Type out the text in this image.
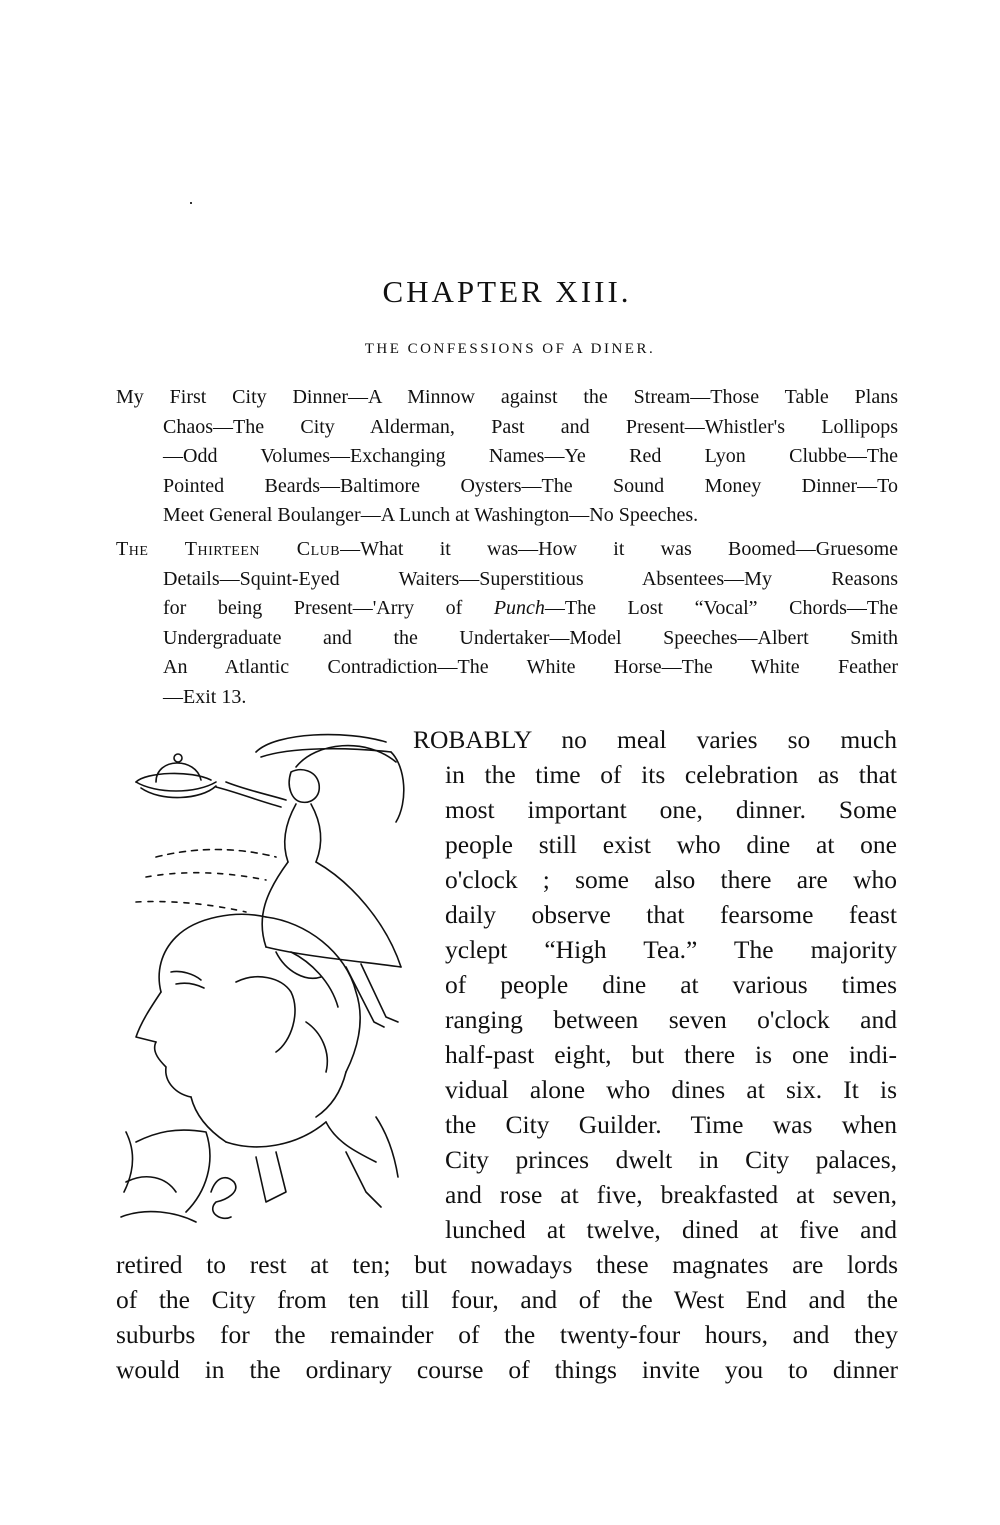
CHAPTER XIII.
THE CONFESSIONS OF A DINER.
My First City Dinner—A Minnow against the Stream—Those Table Plans
Chaos—The City Alderman, Past and Present—Whistler's Lollipops
—Odd Volumes—Exchanging Names—Ye Red Lyon Clubbe—The
Pointed Beards—Baltimore Oysters—The Sound Money Dinner—To
Meet General Boulanger—A Lunch at Washington—No Speeches.
The Thirteen Club—What it was—How it was Boomed—Gruesome
Details—Squint-Eyed Waiters—Superstitious Absentees—My Reasons
for being Present—'Arry of Punch—The Lost “Vocal” Chords—The
Undergraduate and the Undertaker—Model Speeches—Albert Smith
An Atlantic Contradiction—The White Horse—The White Feather
—Exit 13.
ROBABLY no meal varies so much
in the time of its celebration as that
most important one, dinner. Some
people still exist who dine at one
o'clock ; some also there are who
daily observe that fearsome feast
yclept “High Tea.” The majority
of people dine at various times
ranging between seven o'clock and
half-past eight, but there is one indi-
vidual alone who dines at six. It is
the City Guilder. Time was when
City princes dwelt in City palaces,
and rose at five, breakfasted at seven,
lunched at twelve, dined at five and
retired to rest at ten; but nowadays these magnates are lords
of the City from ten till four, and of the West End and the
suburbs for the remainder of the twenty-four hours, and they
would in the ordinary course of things invite you to dinner
